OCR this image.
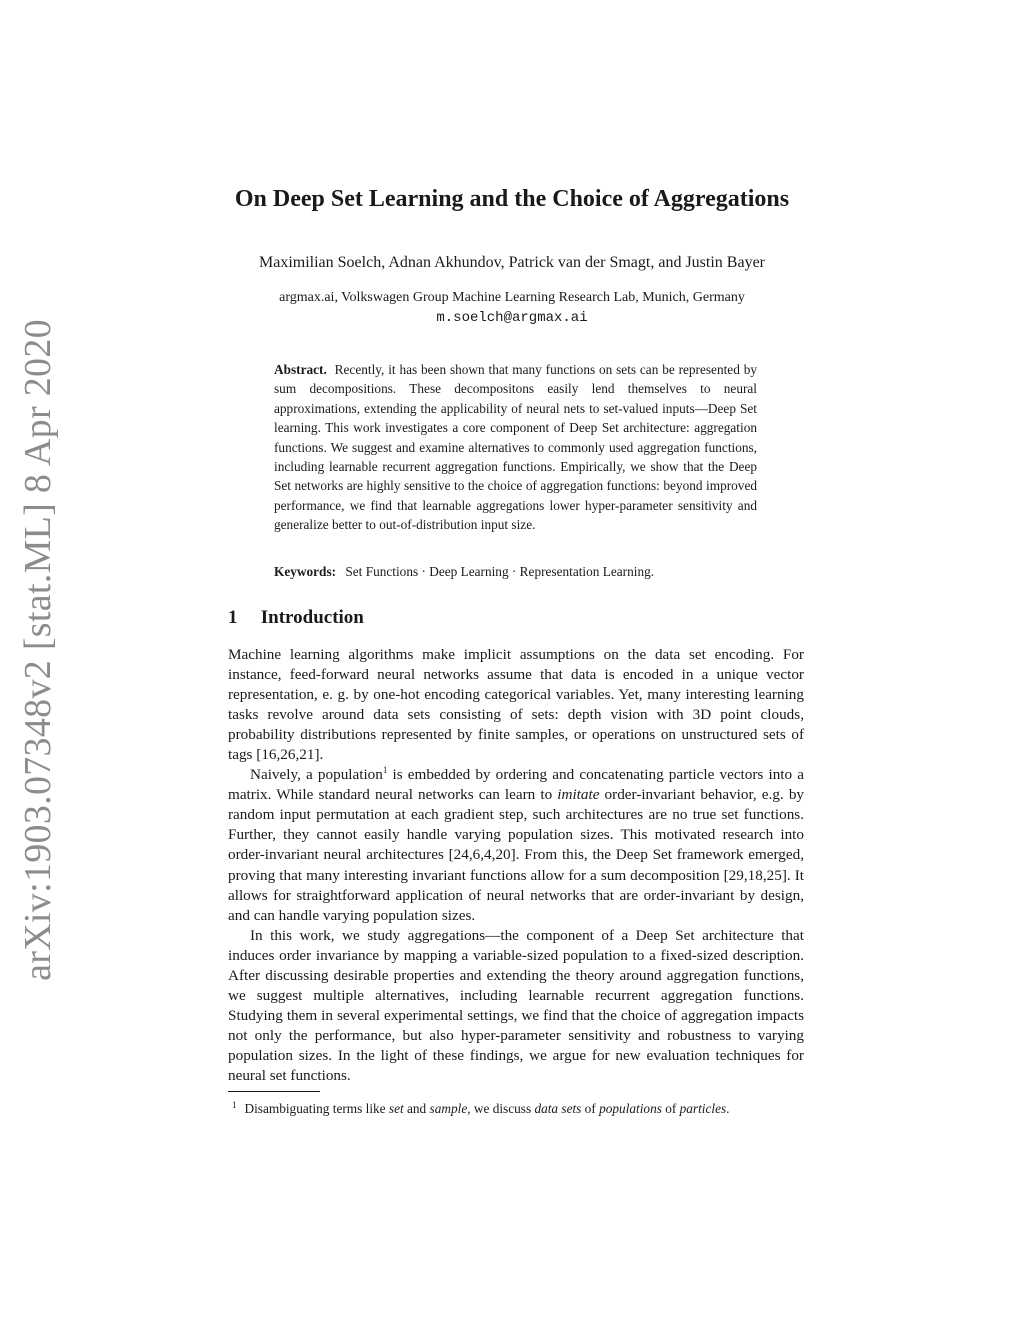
arXiv:1903.07348v2 [stat.ML] 8 Apr 2020
On Deep Set Learning and the Choice of Aggregations
Maximilian Soelch, Adnan Akhundov, Patrick van der Smagt, and Justin Bayer
argmax.ai, Volkswagen Group Machine Learning Research Lab, Munich, Germany
m.soelch@argmax.ai
Abstract. Recently, it has been shown that many functions on sets can be represented by sum decompositions. These decompositons easily lend themselves to neural approximations, extending the applicability of neural nets to set-valued inputs—Deep Set learning. This work investigates a core component of Deep Set architecture: aggregation functions. We suggest and examine alternatives to commonly used aggregation functions, including learnable recurrent aggregation functions. Empirically, we show that the Deep Set networks are highly sensitive to the choice of aggregation functions: beyond improved performance, we find that learnable aggregations lower hyper-parameter sensitivity and generalize better to out-of-distribution input size.
Keywords: Set Functions · Deep Learning · Representation Learning.
1 Introduction

Machine learning algorithms make implicit assumptions on the data set encoding. For instance, feed-forward neural networks assume that data is encoded in a unique vector representation, e. g. by one-hot encoding categorical variables. Yet, many interesting learning tasks revolve around data sets consisting of sets: depth vision with 3D point clouds, probability distributions represented by finite samples, or operations on unstructured sets of tags [16,26,21].

Naively, a population$^1$ is embedded by ordering and concatenating particle vectors into a matrix. While standard neural networks can learn to imitate order-invariant behavior, e.g. by random input permutation at each gradient step, such architectures are no true set functions. Further, they cannot easily handle varying population sizes. This motivated research into order-invariant neural architectures [24,6,4,20]. From this, the Deep Set framework emerged, proving that many interesting invariant functions allow for a sum decomposition [29,18,25]. It allows for straightforward application of neural networks that are order-invariant by design, and can handle varying population sizes.

In this work, we study aggregations—the component of a Deep Set architecture that induces order invariance by mapping a variable-sized population to a fixed-sized description. After discussing desirable properties and extending the theory around aggregation functions, we suggest multiple alternatives, including learnable recurrent aggregation functions. Studying them in several experimental settings, we find that the choice of aggregation impacts not only the performance, but also hyper-parameter sensitivity and robustness to varying population sizes. In the light of these findings, we argue for new evaluation techniques for neural set functions.

$^1$ Disambiguating terms like set and sample, we discuss data sets of populations of particles.
